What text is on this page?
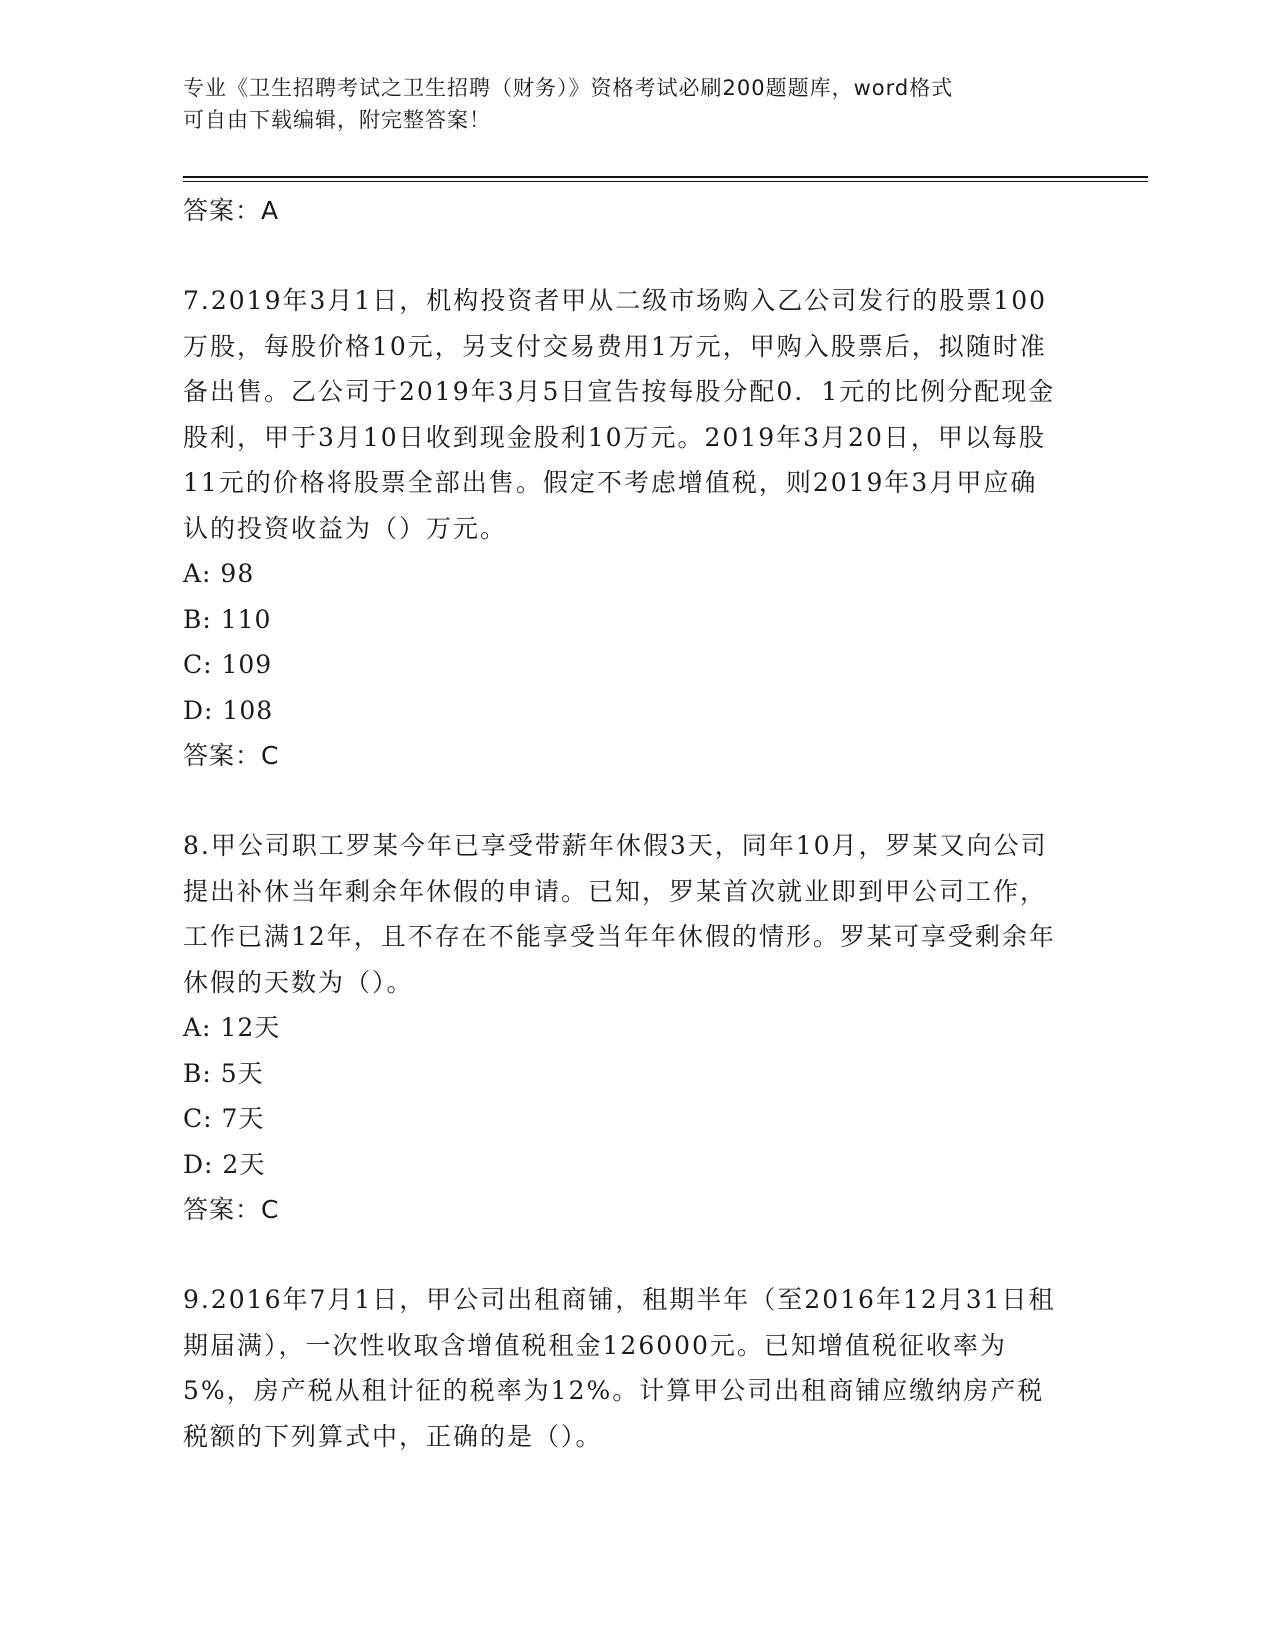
专业《卫生招聘考试之卫生招聘（财务）》资格考试必刷200题题库，word格式
可自由下载编辑，附完整答案！
答案：A

7.2019年3月1日，机构投资者甲从二级市场购入乙公司发行的股票100万股，每股价格10元，另支付交易费用1万元，甲购入股票后，拟随时准备出售。乙公司于2019年3月5日宣告按每股分配0．1元的比例分配现金股利，甲于3月10日收到现金股利10万元。2019年3月20日，甲以每股11元的价格将股票全部出售。假定不考虑增值税，则2019年3月甲应确认的投资收益为（）万元。

A: 98
B: 110
C: 109
D: 108
答案：C

8.甲公司职工罗某今年已享受带薪年休假3天，同年10月，罗某又向公司提出补休当年剩余年休假的申请。已知，罗某首次就业即到甲公司工作，工作已满12年，且不存在不能享受当年年休假的情形。罗某可享受剩余年休假的天数为（）。

A: 12天
B: 5天
C: 7天
D: 2天
答案：C

9.2016年7月1日，甲公司出租商铺，租期半年（至2016年12月31日租期届满），一次性收取含增值税租金126000元。已知增值税征收率为5%，房产税从租计征的税率为12%。计算甲公司出租商铺应缴纳房产税税额的下列算式中，正确的是（）。
